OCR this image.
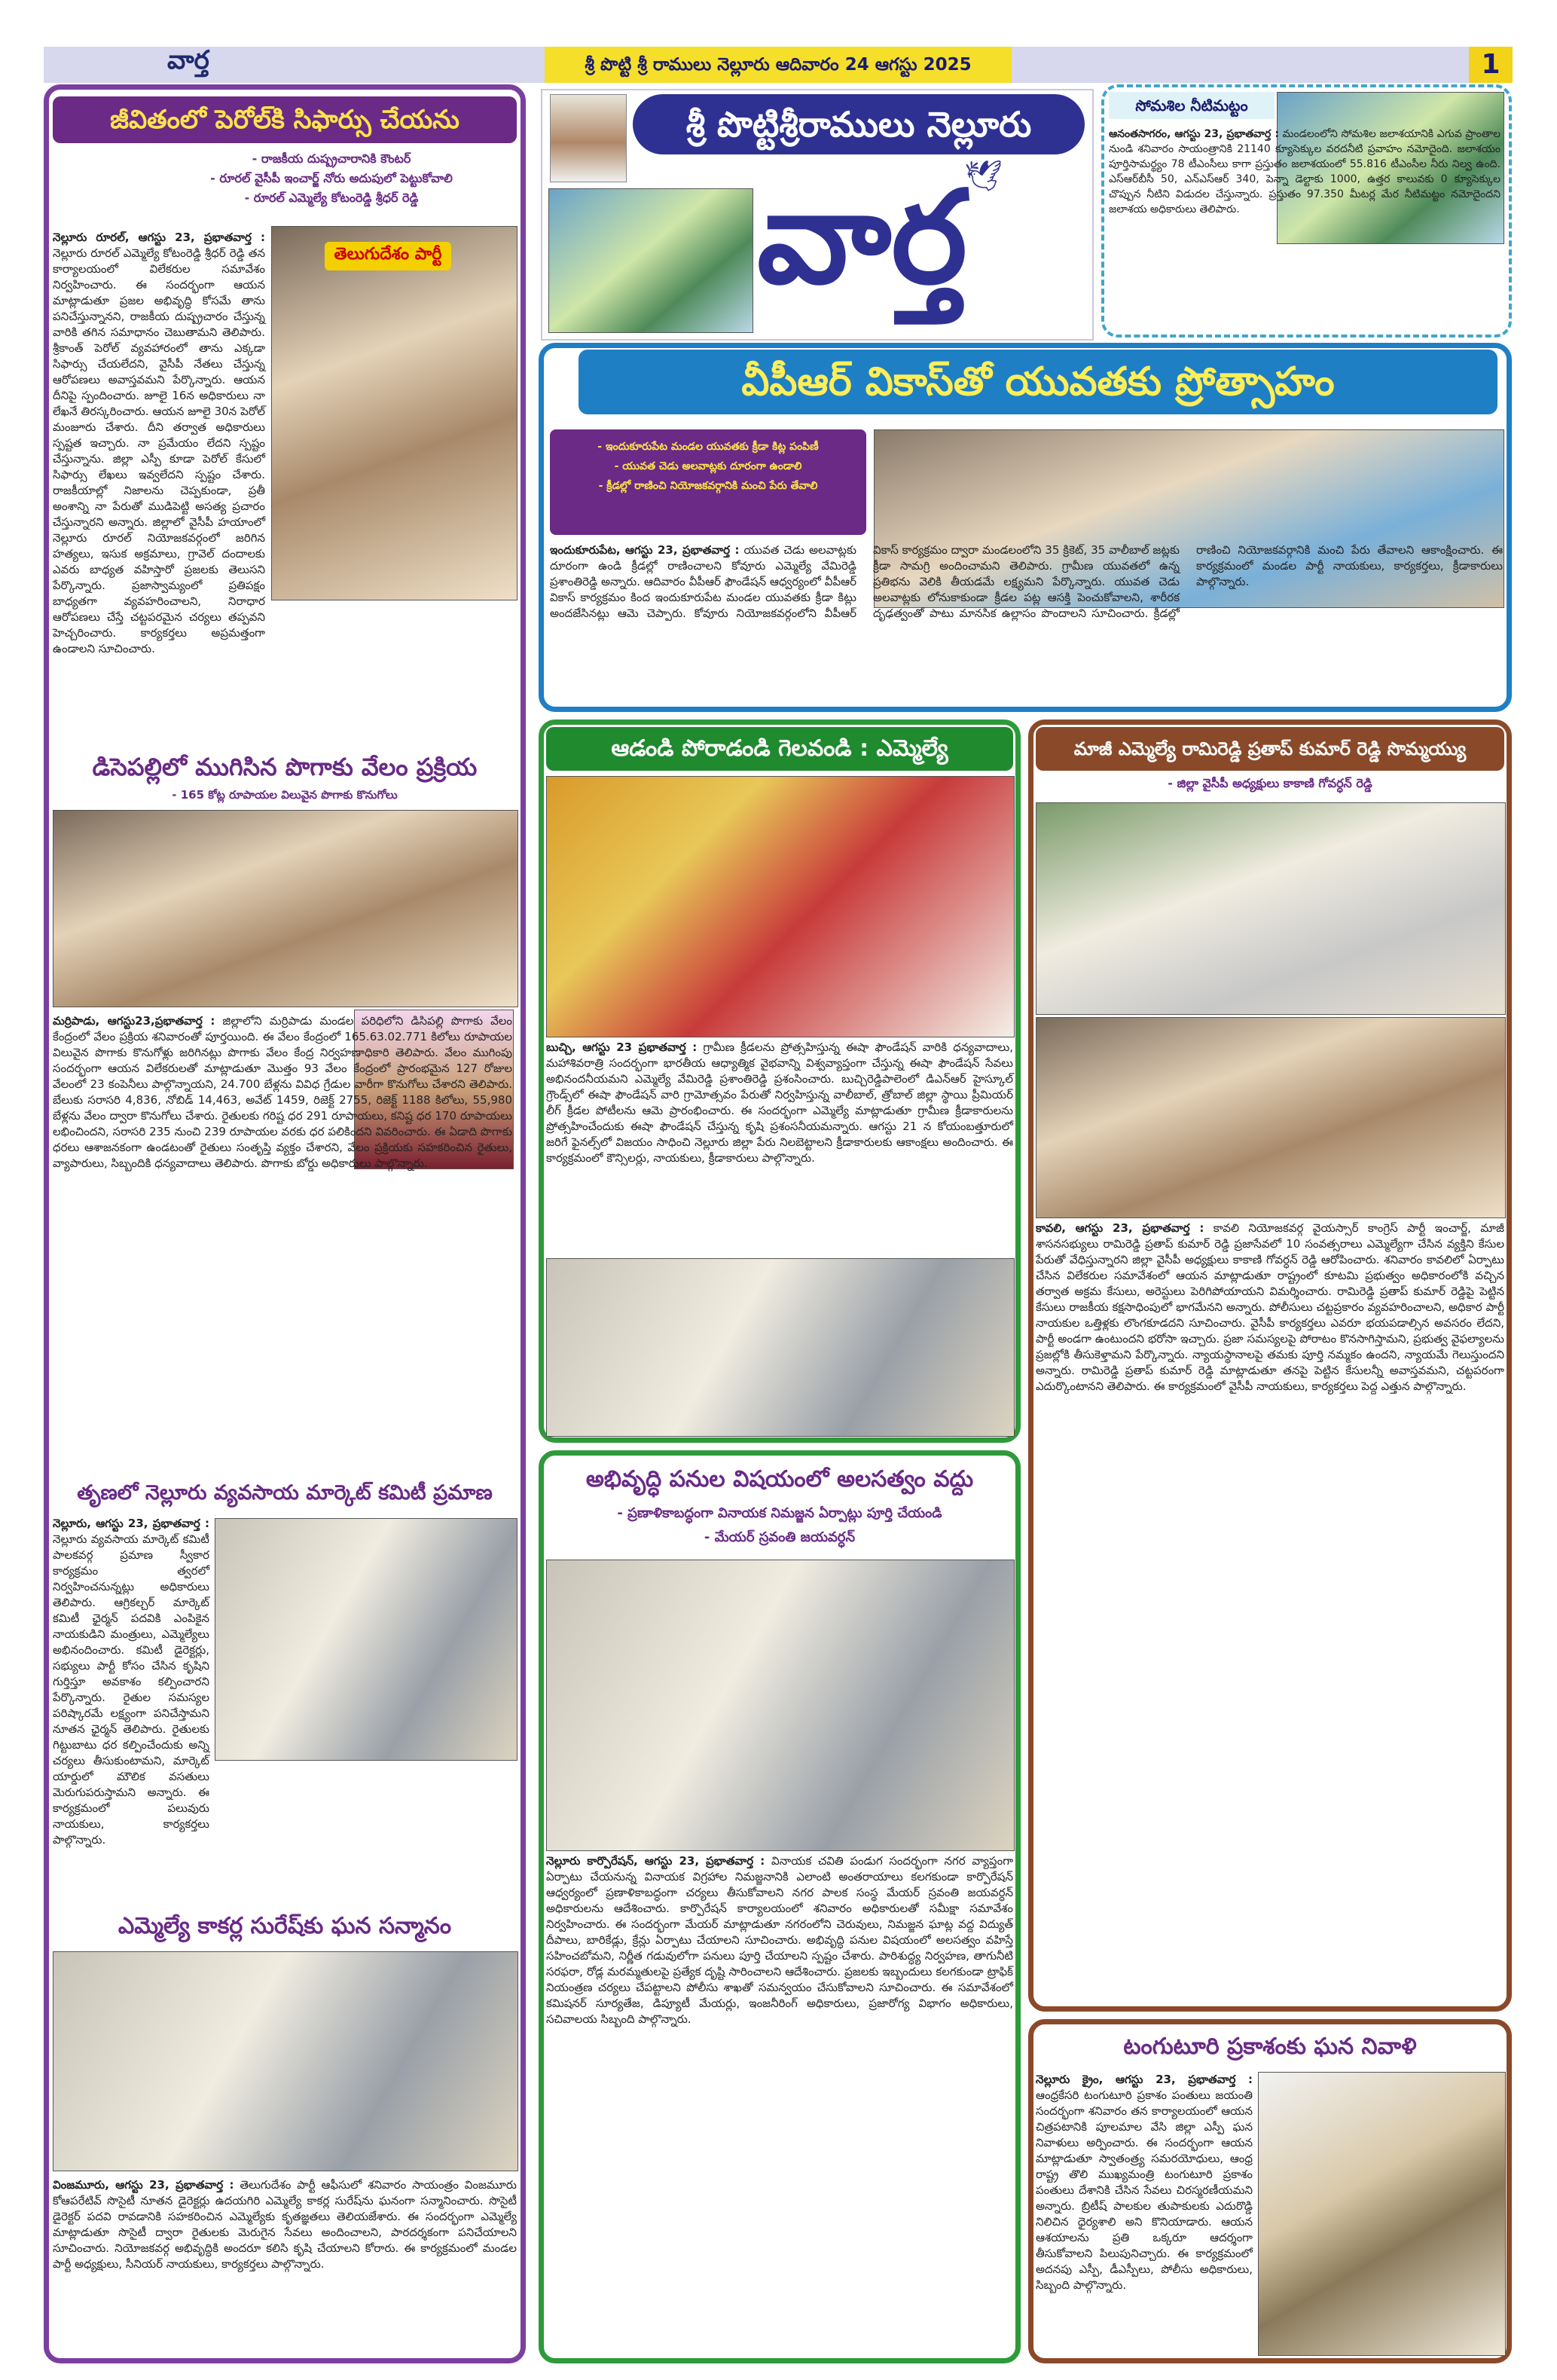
వార్త	శ్రీ పొట్టి శ్రీ రాములు నెల్లూరు ఆదివారం 24 ఆగస్టు 2025	1
జీవితంలో పెరోల్‌కి సిఫార్సు చేయను
- రాజకీయ దుష్ప్రచారానికి కౌంటర్
- రూరల్ వైసీపీ ఇంచార్జ్ నోరు అదుపులో పెట్టుకోవాలి
- రూరల్ ఎమ్మెల్యే కోటంరెడ్డి శ్రీధర్ రెడ్డి
తెలుగుదేశం పార్టీ
నెల్లూరు రూరల్, ఆగస్టు 23, ప్రభాతవార్త : నెల్లూరు రూరల్ ఎమ్మెల్యే కోటంరెడ్డి శ్రీధర్ రెడ్డి తన కార్యాలయంలో విలేకరుల సమావేశం నిర్వహించారు. ఈ సందర్భంగా ఆయన మాట్లాడుతూ ప్రజల అభివృద్ధి కోసమే తాను పనిచేస్తున్నానని, రాజకీయ దుష్ప్రచారం చేస్తున్న వారికి తగిన సమాధానం చెబుతామని తెలిపారు. శ్రీకాంత్ పెరోల్ వ్యవహారంలో తాను ఎక్కడా సిఫార్సు చేయలేదని, వైసీపీ నేతలు చేస్తున్న ఆరోపణలు అవాస్తవమని పేర్కొన్నారు. ఆయన దీనిపై స్పందించారు. జూలై 16న అధికారులు నా లేఖనే తిరస్కరించారు. ఆయన జూలై 30న పెరోల్ మంజూరు చేశారు. దీని తర్వాత అధికారులు స్పష్టత ఇచ్చారు. నా ప్రమేయం లేదని స్పష్టం చేస్తున్నాను. జిల్లా ఎస్పీ కూడా పెరోల్ కేసులో సిఫార్సు లేఖలు ఇవ్వలేదని స్పష్టం చేశారు. రాజకీయాల్లో నిజాలను చెప్పకుండా, ప్రతీ అంశాన్ని నా పేరుతో ముడిపెట్టి అసత్య ప్రచారం చేస్తున్నారని అన్నారు. జిల్లాలో వైసీపీ హయాంలో నెల్లూరు రూరల్ నియోజకవర్గంలో జరిగిన హత్యలు, ఇసుక అక్రమాలు, గ్రావెల్ దందాలకు ఎవరు బాధ్యత వహిస్తారో ప్రజలకు తెలుసని పేర్కొన్నారు. ప్రజాస్వామ్యంలో ప్రతిపక్షం బాధ్యతగా వ్యవహరించాలని, నిరాధార ఆరోపణలు చేస్తే చట్టపరమైన చర్యలు తప్పవని హెచ్చరించారు. కార్యకర్తలు అప్రమత్తంగా ఉండాలని సూచించారు.
డిసెపల్లిలో ముగిసిన పొగాకు వేలం ప్రక్రియ
- 165 కోట్ల రూపాయల విలువైన పొగాకు కొనుగోలు
మర్రిపాడు, ఆగస్టు23,ప్రభాతవార్త : జిల్లాలోని మర్రిపాడు మండల పరిధిలోని డిసిపల్లి పొగాకు వేలం కేంద్రంలో వేలం ప్రక్రియ శనివారంతో పూర్తయింది. ఈ వేలం కేంద్రంలో 165.63.02.771 కిలోలు రూపాయల విలువైన పొగాకు కొనుగోళ్లు జరిగినట్లు పొగాకు వేలం కేంద్ర నిర్వహణాధికారి తెలిపారు. వేలం ముగింపు సందర్భంగా ఆయన విలేకరులతో మాట్లాడుతూ మొత్తం 93 వేలం కేంద్రంలో ప్రారంభమైన 127 రోజుల వేలంలో 23 కంపెనీలు పాల్గొన్నాయని, 24.700 బేళ్లను వివిధ గ్రేడుల వారీగా కొనుగోలు చేశారని తెలిపారు. బేలుకు సరాసరి 4,836, నోబిడ్ 14,463, అవేట్ 1459, రిజెక్ట్ 2755, రిజెక్ట్ 1188 కిలోలు, 55,980 బేళ్లను వేలం ద్వారా కొనుగోలు చేశారు. రైతులకు గరిష్ట ధర 291 రూపాయలు, కనిష్ట ధర 170 రూపాయలు లభించిందని, సరాసరి 235 నుంచి 239 రూపాయల వరకు ధర పలికిందని వివరించారు. ఈ ఏడాది పొగాకు ధరలు ఆశాజనకంగా ఉండటంతో రైతులు సంతృప్తి వ్యక్తం చేశారని, వేలం ప్రక్రియకు సహకరించిన రైతులు, వ్యాపారులు, సిబ్బందికి ధన్యవాదాలు తెలిపారు. పొగాకు బోర్డు అధికారులు పాల్గొన్నారు.
తృణలో నెల్లూరు వ్యవసాయ మార్కెట్ కమిటీ ప్రమాణ
నెల్లూరు, ఆగస్టు 23, ప్రభాతవార్త : నెల్లూరు వ్యవసాయ మార్కెట్ కమిటీ పాలకవర్గ ప్రమాణ స్వీకార కార్యక్రమం త్వరలో నిర్వహించనున్నట్లు అధికారులు తెలిపారు. ఆగ్రికల్చర్ మార్కెట్ కమిటీ ఛైర్మన్ పదవికి ఎంపికైన నాయకుడిని మంత్రులు, ఎమ్మెల్యేలు అభినందించారు. కమిటీ డైరెక్టర్లు, సభ్యులు పార్టీ కోసం చేసిన కృషిని గుర్తిస్తూ అవకాశం కల్పించారని పేర్కొన్నారు. రైతుల సమస్యల పరిష్కారమే లక్ష్యంగా పనిచేస్తామని నూతన ఛైర్మన్ తెలిపారు. రైతులకు గిట్టుబాటు ధర కల్పించేందుకు అన్ని చర్యలు తీసుకుంటామని, మార్కెట్ యార్డులో మౌలిక వసతులు మెరుగుపరుస్తామని అన్నారు. ఈ కార్యక్రమంలో పలువురు నాయకులు, కార్యకర్తలు పాల్గొన్నారు.
ఎమ్మెల్యే కాకర్ల సురేష్‌కు ఘన సన్మానం
వింజమూరు, ఆగస్టు 23, ప్రభాతవార్త : తెలుగుదేశం పార్టీ ఆఫీసులో శనివారం సాయంత్రం వింజమూరు కోఆపరేటివ్ సొసైటీ నూతన డైరెక్టర్లు ఉదయగిరి ఎమ్మెల్యే కాకర్ల సురేష్‌ను ఘనంగా సన్మానించారు. సొసైటీ డైరెక్టర్ పదవి రావడానికి సహకరించిన ఎమ్మెల్యేకు కృతజ్ఞతలు తెలియజేశారు. ఈ సందర్భంగా ఎమ్మెల్యే మాట్లాడుతూ సొసైటీ ద్వారా రైతులకు మెరుగైన సేవలు అందించాలని, పారదర్శకంగా పనిచేయాలని సూచించారు. నియోజకవర్గ అభివృద్ధికి అందరూ కలిసి కృషి చేయాలని కోరారు. ఈ కార్యక్రమంలో మండల పార్టీ అధ్యక్షులు, సీనియర్ నాయకులు, కార్యకర్తలు పాల్గొన్నారు.
శ్రీ పొట్టిశ్రీరాములు నెల్లూరు
వార్త
🕊
సోమశిల నీటిమట్టం
ఆనంతసాగరం, ఆగస్టు 23, ప్రభాతవార్త : మండలంలోని సోమశిల జలాశయానికి ఎగువ ప్రాంతాల నుండి శనివారం సాయంత్రానికి 21140 క్యూసెక్కుల వరదనీటి ప్రవాహం నమోదైంది. జలాశయం పూర్తిసామర్థ్యం 78 టీఎంసీలు కాగా ప్రస్తుతం జలాశయంలో 55.816 టీఎంసీల నీరు నిల్వ ఉంది. ఎస్ఆర్‌బీసీ 50, ఎన్ఎస్ఆర్ 340, పెన్నా డెల్టాకు 1000, ఉత్తర కాలువకు 0 క్యూసెక్కుల చొప్పున నీటిని విడుదల చేస్తున్నారు. ప్రస్తుతం 97.350 మీటర్ల మేర నీటిమట్టం నమోదైందని జలాశయ అధికారులు తెలిపారు.
వీపీఆర్ వికాస్‌తో యువతకు ప్రోత్సాహం
- ఇందుకూరుపేట మండల యువతకు క్రీడా కిట్ల పంపిణీ
- యువత చెడు అలవాట్లకు దూరంగా ఉండాలి
- క్రీడల్లో రాణించి నియోజకవర్గానికి మంచి పేరు తేవాలి
ఇందుకూరుపేట, ఆగస్టు 23, ప్రభాతవార్త : యువత చెడు అలవాట్లకు దూరంగా ఉండి క్రీడల్లో రాణించాలని కోవూరు ఎమ్మెల్యే వేమిరెడ్డి ప్రశాంతిరెడ్డి అన్నారు. ఆదివారం వీపీఆర్ ఫౌండేషన్ ఆధ్వర్యంలో వీపీఆర్ వికాస్ కార్యక్రమం కింద ఇందుకూరుపేట మండల యువతకు క్రీడా కిట్లు అందజేసినట్లు ఆమె చెప్పారు. కోవూరు నియోజకవర్గంలోని వీపీఆర్ వికాస్ కార్యక్రమం ద్వారా మండలంలోని 35 క్రికెట్, 35 వాలీబాల్ జట్లకు క్రీడా సామగ్రి అందించామని తెలిపారు. గ్రామీణ యువతలో ఉన్న ప్రతిభను వెలికి తీయడమే లక్ష్యమని పేర్కొన్నారు. యువత చెడు అలవాట్లకు లోనుకాకుండా క్రీడల పట్ల ఆసక్తి పెంచుకోవాలని, శారీరక దృఢత్వంతో పాటు మానసిక ఉల్లాసం పొందాలని సూచించారు. క్రీడల్లో రాణించి నియోజకవర్గానికి మంచి పేరు తేవాలని ఆకాంక్షించారు. ఈ కార్యక్రమంలో మండల పార్టీ నాయకులు, కార్యకర్తలు, క్రీడాకారులు పాల్గొన్నారు.
ఆడండి పోరాడండి గెలవండి : ఎమ్మెల్యే
బుచ్చి, ఆగస్టు 23 ప్రభాతవార్త : గ్రామీణ క్రీడలను ప్రోత్సహిస్తున్న ఈషా ఫౌండేషన్ వారికి ధన్యవాదాలు, మహాశివరాత్రి సందర్భంగా భారతీయ ఆధ్యాత్మిక వైభవాన్ని విశ్వవ్యాప్తంగా చేస్తున్న ఈషా ఫౌండేషన్ సేవలు అభినందనీయమని ఎమ్మెల్యే వేమిరెడ్డి ప్రశాంతిరెడ్డి ప్రశంసించారు. బుచ్చిరెడ్డిపాలెంలో డిఎన్ఆర్ హైస్కూల్ గ్రౌండ్స్‌లో ఈషా ఫౌండేషన్ వారి గ్రామోత్సవం పేరుతో నిర్వహిస్తున్న వాలీబాల్, త్రోబాల్ జిల్లా స్థాయి ప్రీమియర్ లీగ్ క్రీడల పోటీలను ఆమె ప్రారంభించారు. ఈ సందర్భంగా ఎమ్మెల్యే మాట్లాడుతూ గ్రామీణ క్రీడాకారులను ప్రోత్సహించేందుకు ఈషా ఫౌండేషన్ చేస్తున్న కృషి ప్రశంసనీయమన్నారు. ఆగస్టు 21 న కోయంబత్తూరులో జరిగే ఫైనల్స్‌లో విజయం సాధించి నెల్లూరు జిల్లా పేరు నిలబెట్టాలని క్రీడాకారులకు ఆకాంక్షలు అందించారు. ఈ కార్యక్రమంలో కౌన్సిలర్లు, నాయకులు, క్రీడాకారులు పాల్గొన్నారు.
అభివృద్ధి పనుల విషయంలో అలసత్వం వద్దు
- ప్రణాళికాబద్ధంగా వినాయక నిమజ్జన ఏర్పాట్లు పూర్తి చేయండి
- మేయర్ స్రవంతి జయవర్ధన్
నెల్లూరు కార్పొరేషన్, ఆగస్టు 23, ప్రభాతవార్త : వినాయక చవితి పండుగ సందర్భంగా నగర వ్యాప్తంగా ఏర్పాటు చేయనున్న వినాయక విగ్రహాల నిమజ్జనానికి ఎలాంటి అంతరాయాలు కలగకుండా కార్పొరేషన్ ఆధ్వర్యంలో ప్రణాళికాబద్ధంగా చర్యలు తీసుకోవాలని నగర పాలక సంస్థ మేయర్ స్రవంతి జయవర్ధన్ అధికారులను ఆదేశించారు. కార్పొరేషన్ కార్యాలయంలో శనివారం అధికారులతో సమీక్షా సమావేశం నిర్వహించారు. ఈ సందర్భంగా మేయర్ మాట్లాడుతూ నగరంలోని చెరువులు, నిమజ్జన ఘాట్ల వద్ద విద్యుత్ దీపాలు, బారికేడ్లు, క్రేన్లు ఏర్పాటు చేయాలని సూచించారు. అభివృద్ధి పనుల విషయంలో అలసత్వం వహిస్తే సహించబోమని, నిర్ణీత గడువులోగా పనులు పూర్తి చేయాలని స్పష్టం చేశారు. పారిశుద్ధ్య నిర్వహణ, తాగునీటి సరఫరా, రోడ్ల మరమ్మతులపై ప్రత్యేక దృష్టి సారించాలని ఆదేశించారు. ప్రజలకు ఇబ్బందులు కలగకుండా ట్రాఫిక్ నియంత్రణ చర్యలు చేపట్టాలని పోలీసు శాఖతో సమన్వయం చేసుకోవాలని సూచించారు. ఈ సమావేశంలో కమిషనర్ సూర్యతేజ, డిప్యూటీ మేయర్లు, ఇంజనీరింగ్ అధికారులు, ప్రజారోగ్య విభాగం అధికారులు, సచివాలయ సిబ్బంది పాల్గొన్నారు.
మాజీ ఎమ్మెల్యే రామిరెడ్డి ప్రతాప్ కుమార్ రెడ్డి సొమ్మయ్యు
- జిల్లా వైసీపీ అధ్యక్షులు కాకాణి గోవర్ధన్ రెడ్డి
కావలి, ఆగస్టు 23, ప్రభాతవార్త : కావలి నియోజకవర్గ వైయస్సార్ కాంగ్రెస్ పార్టీ ఇంచార్జ్, మాజీ శాసనసభ్యులు రామిరెడ్డి ప్రతాప్ కుమార్ రెడ్డి ప్రజాసేవలో 10 సంవత్సరాలు ఎమ్మెల్యేగా చేసిన వ్యక్తిని కేసుల పేరుతో వేధిస్తున్నారని జిల్లా వైసీపీ అధ్యక్షులు కాకాణి గోవర్ధన్ రెడ్డి ఆరోపించారు. శనివారం కావలిలో ఏర్పాటు చేసిన విలేకరుల సమావేశంలో ఆయన మాట్లాడుతూ రాష్ట్రంలో కూటమి ప్రభుత్వం అధికారంలోకి వచ్చిన తర్వాత అక్రమ కేసులు, అరెస్టులు పెరిగిపోయాయని విమర్శించారు. రామిరెడ్డి ప్రతాప్ కుమార్ రెడ్డిపై పెట్టిన కేసులు రాజకీయ కక్షసాధింపులో భాగమేనని అన్నారు. పోలీసులు చట్టప్రకారం వ్యవహరించాలని, అధికార పార్టీ నాయకుల ఒత్తిళ్లకు లొంగకూడదని సూచించారు. వైసీపీ కార్యకర్తలు ఎవరూ భయపడాల్సిన అవసరం లేదని, పార్టీ అండగా ఉంటుందని భరోసా ఇచ్చారు. ప్రజా సమస్యలపై పోరాటం కొనసాగిస్తామని, ప్రభుత్వ వైఫల్యాలను ప్రజల్లోకి తీసుకెళ్తామని పేర్కొన్నారు. న్యాయస్థానాలపై తమకు పూర్తి నమ్మకం ఉందని, న్యాయమే గెలుస్తుందని అన్నారు. రామిరెడ్డి ప్రతాప్ కుమార్ రెడ్డి మాట్లాడుతూ తనపై పెట్టిన కేసులన్నీ అవాస్తవమని, చట్టపరంగా ఎదుర్కొంటానని తెలిపారు. ఈ కార్యక్రమంలో వైసీపీ నాయకులు, కార్యకర్తలు పెద్ద ఎత్తున పాల్గొన్నారు.
టంగుటూరి ప్రకాశంకు ఘన నివాళి
నెల్లూరు క్రైం, ఆగస్టు 23, ప్రభాతవార్త : ఆంధ్రకేసరి టంగుటూరి ప్రకాశం పంతులు జయంతి సందర్భంగా శనివారం తన కార్యాలయంలో ఆయన చిత్రపటానికి పూలమాల వేసి జిల్లా ఎస్పీ ఘన నివాళులు అర్పించారు. ఈ సందర్భంగా ఆయన మాట్లాడుతూ స్వాతంత్ర్య సమరయోధులు, ఆంధ్ర రాష్ట్ర తొలి ముఖ్యమంత్రి టంగుటూరి ప్రకాశం పంతులు దేశానికి చేసిన సేవలు చిరస్మరణీయమని అన్నారు. బ్రిటీష్ పాలకుల తుపాకులకు ఎదురొడ్డి నిలిచిన ధైర్యశాలి అని కొనియాడారు. ఆయన ఆశయాలను ప్రతి ఒక్కరూ ఆదర్శంగా తీసుకోవాలని పిలుపునిచ్చారు. ఈ కార్యక్రమంలో అదనపు ఎస్పీ, డీఎస్పీలు, పోలీసు అధికారులు, సిబ్బంది పాల్గొన్నారు.
